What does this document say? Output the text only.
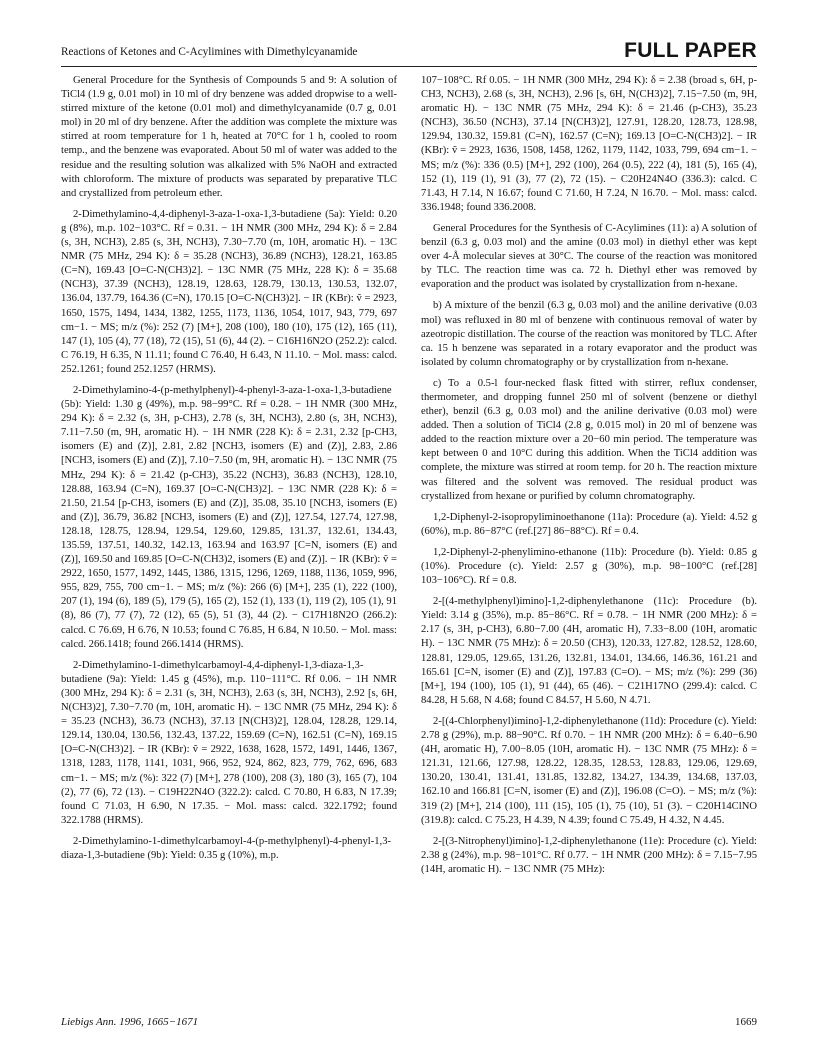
Reactions of Ketones and C-Acylimines with Dimethylcyanamide	FULL PAPER

General Procedure for the Synthesis of Compounds 5 and 9: A solution of TiCl4 (1.9 g, 0.01 mol) in 10 ml of dry benzene was added dropwise to a well-stirred mixture of the ketone (0.01 mol) and dimethylcyanamide (0.7 g, 0.01 mol) in 20 ml of dry benzene. After the addition was complete the mixture was stirred at room temperature for 1 h, heated at 70°C for 1 h, cooled to room temp., and the benzene was evaporated. About 50 ml of water was added to the residue and the resulting solution was alkalized with 5% NaOH and extracted with chloroform. The mixture of products was separated by preparative TLC and crystallized from petroleum ether.

2-Dimethylamino-4,4-diphenyl-3-aza-1-oxa-1,3-butadiene (5a): Yield: 0.20 g (8%), m.p. 102−103°C. Rf = 0.31. − 1H NMR (300 MHz, 294 K): δ = 2.84 (s, 3H, NCH3), 2.85 (s, 3H, NCH3), 7.30−7.70 (m, 10H, aromatic H). − 13C NMR (75 MHz, 294 K): δ = 35.28 (NCH3), 36.89 (NCH3), 128.21, 163.85 (C=N), 169.43 [O=C-N(CH3)2]. − 13C NMR (75 MHz, 228 K): δ = 35.68 (NCH3), 37.39 (NCH3), 128.19, 128.63, 128.79, 130.13, 130.53, 132.07, 136.04, 137.79, 164.36 (C=N), 170.15 [O=C-N(CH3)2]. − IR (KBr): ṽ = 2923, 1650, 1575, 1494, 1434, 1382, 1255, 1173, 1136, 1054, 1017, 943, 779, 697 cm−1. − MS; m/z (%): 252 (7) [M+], 208 (100), 180 (10), 175 (12), 165 (11), 147 (1), 105 (4), 77 (18), 72 (15), 51 (6), 44 (2). − C16H16N2O (252.2): calcd. C 76.19, H 6.35, N 11.11; found C 76.40, H 6.43, N 11.10. − Mol. mass: calcd. 252.1261; found 252.1257 (HRMS).

2-Dimethylamino-4-(p-methylphenyl)-4-phenyl-3-aza-1-oxa-1,3-butadiene (5b): Yield: 1.30 g (49%), m.p. 98−99°C. Rf = 0.28. − 1H NMR (300 MHz, 294 K): δ = 2.32 (s, 3H, p-CH3), 2.78 (s, 3H, NCH3), 2.80 (s, 3H, NCH3), 7.11−7.50 (m, 9H, aromatic H). − 1H NMR (228 K): δ = 2.31, 2.32 [p-CH3, isomers (E) and (Z)], 2.81, 2.82 [NCH3, isomers (E) and (Z)], 2.83, 2.86 [NCH3, isomers (E) and (Z)], 7.10−7.50 (m, 9H, aromatic H). − 13C NMR (75 MHz, 294 K): δ = 21.42 (p-CH3), 35.22 (NCH3), 36.83 (NCH3), 128.10, 128.88, 163.94 (C=N), 169.37 [O=C-N(CH3)2]. − 13C NMR (228 K): δ = 21.50, 21.54 [p-CH3, isomers (E) and (Z)], 35.08, 35.10 [NCH3, isomers (E) and (Z)], 36.79, 36.82 [NCH3, isomers (E) and (Z)], 127.54, 127.74, 127.98, 128.18, 128.75, 128.94, 129.54, 129.60, 129.85, 131.37, 132.61, 134.43, 135.59, 137.51, 140.32, 142.13, 163.94 and 163.97 [C=N, isomers (E) and (Z)], 169.50 and 169.85 [O=C-N(CH3)2, isomers (E) and (Z)]. − IR (KBr): ṽ = 2922, 1650, 1577, 1492, 1445, 1386, 1315, 1296, 1269, 1188, 1136, 1059, 996, 955, 829, 755, 700 cm−1. − MS; m/z (%): 266 (6) [M+], 235 (1), 222 (100), 207 (1), 194 (6), 189 (5), 179 (5), 165 (2), 152 (1), 133 (1), 119 (2), 105 (1), 91 (8), 86 (7), 77 (7), 72 (12), 65 (5), 51 (3), 44 (2). − C17H18N2O (266.2): calcd. C 76.69, H 6.76, N 10.53; found C 76.85, H 6.84, N 10.50. − Mol. mass: calcd. 266.1418; found 266.1414 (HRMS).

2-Dimethylamino-1-dimethylcarbamoyl-4,4-diphenyl-1,3-diaza-1,3-butadiene (9a): Yield: 1.45 g (45%), m.p. 110−111°C. Rf 0.06. − 1H NMR (300 MHz, 294 K): δ = 2.31 (s, 3H, NCH3), 2.63 (s, 3H, NCH3), 2.92 [s, 6H, N(CH3)2], 7.30−7.70 (m, 10H, aromatic H). − 13C NMR (75 MHz, 294 K): δ = 35.23 (NCH3), 36.73 (NCH3), 37.13 [N(CH3)2], 128.04, 128.28, 129.14, 129.14, 130.04, 130.56, 132.43, 137.22, 159.69 (C=N), 162.51 (C=N), 169.15 [O=C-N(CH3)2]. − IR (KBr): ṽ = 2922, 1638, 1628, 1572, 1491, 1446, 1367, 1318, 1283, 1178, 1141, 1031, 966, 952, 924, 862, 823, 779, 762, 696, 683 cm−1. − MS; m/z (%): 322 (7) [M+], 278 (100), 208 (3), 180 (3), 165 (7), 104 (2), 77 (6), 72 (13). − C19H22N4O (322.2): calcd. C 70.80, H 6.83, N 17.39; found C 71.03, H 6.90, N 17.35. − Mol. mass: calcd. 322.1792; found 322.1788 (HRMS).

2-Dimethylamino-1-dimethylcarbamoyl-4-(p-methylphenyl)-4-phenyl-1,3-diaza-1,3-butadiene (9b): Yield: 0.35 g (10%), m.p.

107−108°C. Rf 0.05. − 1H NMR (300 MHz, 294 K): δ = 2.38 (broad s, 6H, p-CH3, NCH3), 2.68 (s, 3H, NCH3), 2.96 [s, 6H, N(CH3)2], 7.15−7.50 (m, 9H, aromatic H). − 13C NMR (75 MHz, 294 K): δ = 21.46 (p-CH3), 35.23 (NCH3), 36.50 (NCH3), 37.14 [N(CH3)2], 127.91, 128.20, 128.73, 128.98, 129.94, 130.32, 159.81 (C=N), 162.57 (C=N); 169.13 [O=C-N(CH3)2]. − IR (KBr): ṽ = 2923, 1636, 1508, 1458, 1262, 1179, 1142, 1033, 799, 694 cm−1. − MS; m/z (%): 336 (0.5) [M+], 292 (100), 264 (0.5), 222 (4), 181 (5), 165 (4), 152 (1), 119 (1), 91 (3), 77 (2), 72 (15). − C20H24N4O (336.3): calcd. C 71.43, H 7.14, N 16.67; found C 71.60, H 7.24, N 16.70. − Mol. mass: calcd. 336.1948; found 336.2008.

General Procedures for the Synthesis of C-Acylimines (11): a) A solution of benzil (6.3 g, 0.03 mol) and the amine (0.03 mol) in diethyl ether was kept over 4-Å molecular sieves at 30°C. The course of the reaction was monitored by TLC. The reaction time was ca. 72 h. Diethyl ether was removed by evaporation and the product was isolated by crystallization from n-hexane.

b) A mixture of the benzil (6.3 g, 0.03 mol) and the aniline derivative (0.03 mol) was refluxed in 80 ml of benzene with continuous removal of water by azeotropic distillation. The course of the reaction was monitored by TLC. After ca. 15 h benzene was separated in a rotary evaporator and the product was isolated by column chromatography or by crystallization from n-hexane.

c) To a 0.5-l four-necked flask fitted with stirrer, reflux condenser, thermometer, and dropping funnel 250 ml of solvent (benzene or diethyl ether), benzil (6.3 g, 0.03 mol) and the aniline derivative (0.03 mol) were added. Then a solution of TiCl4 (2.8 g, 0.015 mol) in 20 ml of benzene was added to the reaction mixture over a 20−60 min period. The temperature was kept between 0 and 10°C during this addition. When the TiCl4 addition was complete, the mixture was stirred at room temp. for 20 h. The reaction mixture was filtered and the solvent was removed. The residual product was crystallized from hexane or purified by column chromatography.

1,2-Diphenyl-2-isopropyliminoethanone (11a): Procedure (a). Yield: 4.52 g (60%), m.p. 86−87°C (ref.[27] 86−88°C). Rf = 0.4.

1,2-Diphenyl-2-phenylimino-ethanone (11b): Procedure (b). Yield: 0.85 g (10%). Procedure (c). Yield: 2.57 g (30%), m.p. 98−100°C (ref.[28] 103−106°C). Rf = 0.8.

2-[(4-methylphenyl)imino]-1,2-diphenylethanone (11c): Procedure (b). Yield: 3.14 g (35%), m.p. 85−86°C. Rf = 0.78. − 1H NMR (200 MHz): δ = 2.17 (s, 3H, p-CH3), 6.80−7.00 (4H, aromatic H), 7.33−8.00 (10H, aromatic H). − 13C NMR (75 MHz): δ = 20.50 (CH3), 120.33, 127.82, 128.52, 128.60, 128.81, 129.05, 129.65, 131.26, 132.81, 134.01, 134.66, 146.36, 161.21 and 165.61 [C=N, isomer (E) and (Z)], 197.83 (C=O). − MS; m/z (%): 299 (36) [M+], 194 (100), 105 (1), 91 (44), 65 (46). − C21H17NO (299.4): calcd. C 84.28, H 5.68, N 4.68; found C 84.57, H 5.60, N 4.71.

2-[(4-Chlorphenyl)imino]-1,2-diphenylethanone (11d): Procedure (c). Yield: 2.78 g (29%), m.p. 88−90°C. Rf 0.70. − 1H NMR (200 MHz): δ = 6.40−6.90 (4H, aromatic H), 7.00−8.05 (10H, aromatic H). − 13C NMR (75 MHz): δ = 121.31, 121.66, 127.98, 128.22, 128.35, 128.53, 128.83, 129.06, 129.69, 130.20, 130.41, 131.41, 131.85, 132.82, 134.27, 134.39, 134.68, 137.03, 162.10 and 166.81 [C=N, isomer (E) and (Z)], 196.08 (C=O). − MS; m/z (%): 319 (2) [M+], 214 (100), 111 (15), 105 (1), 75 (10), 51 (3). − C20H14ClNO (319.8): calcd. C 75.23, H 4.39, N 4.39; found C 75.49, H 4.32, N 4.45.

2-[(3-Nitrophenyl)imino]-1,2-diphenylethanone (11e): Procedure (c). Yield: 2.38 g (24%), m.p. 98−101°C. Rf 0.77. − 1H NMR (200 MHz): δ = 7.15−7.95 (14H, aromatic H). − 13C NMR (75 MHz):

Liebigs Ann. 1996, 1665−1671	1669
